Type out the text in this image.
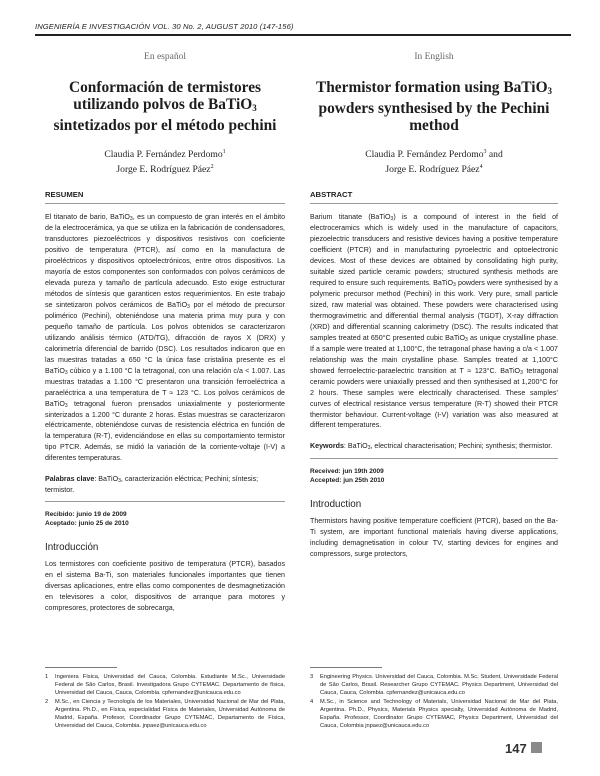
INGENIERÍA E INVESTIGACIÓN VOL. 30 No. 2, AUGUST 2010 (147-156)
En español
Conformación de termistores
utilizando polvos de BaTiO$_3$
sintetizados por el método pechini
Claudia P. Fernández Perdomo$^1$
Jorge E. Rodríguez Páez$^2$
RESUMEN

El titanato de bario, BaTiO$_3$, es un compuesto de gran interés en el ámbito de la electrocerámica, ya que se utiliza en la fabricación de condensadores, transductores piezoeléctricos y dispositivos resistivos con coeficiente positivo de temperatura (PTCR), así como en la manufactura de piroeléctricos y dispositivos optoelectrónicos, entre otros dispositivos. La mayoría de estos componentes son conformados con polvos cerámicos de elevada pureza y tamaño de partícula adecuado. Esto exige estructurar métodos de síntesis que garanticen estos requerimientos. En este trabajo se sintetizaron polvos cerámicos de BaTiO$_3$ por el método de precursor polimérico (Pechini), obteniéndose una materia prima muy pura y con pequeño tamaño de partícula. Los polvos obtenidos se caracterizaron utilizando análisis térmico (ATD/TG), difracción de rayos X (DRX) y calorimetría diferencial de barrido (DSC). Los resultados indicaron que en las muestras tratadas a 650 °C la única fase cristalina presente es el BaTiO$_3$ cúbico y a 1.100 °C la tetragonal, con una relación c/a < 1.007. Las muestras tratadas a 1.100 °C presentaron una transición ferroeléctrica a paraeléctrica a una temperatura de T ≈ 123 °C. Los polvos cerámicos de BaTiO$_3$ tetragonal fueron prensados uniaxialmente y posteriormente sinterizados a 1.200 °C durante 2 horas. Estas muestras se caracterizaron eléctricamente, obteniéndose curvas de resistencia eléctrica en función de la temperatura (R-T), evidenciándose en ellas su comportamiento termistor tipo PTCR. Además, se midió la variación de la corriente-voltaje (I-V) a diferentes temperaturas.

Palabras clave: BaTiO$_3$, caracterización eléctrica; Pechini; síntesis; termistor.
Recibido: junio 19 de 2009
Aceptado: junio 25 de 2010
Introducción

Los termistores con coeficiente positivo de temperatura (PTCR), basados en el sistema Ba-Ti, son materiales funcionales importantes que tienen diversas aplicaciones, entre ellas como componentes de desmagnetización en televisores a color, dispositivos de arranque para motores y compresores, protectores de sobrecarga,

In English
Thermistor formation using BaTiO$_3$
powders synthesised by the Pechini
method
Claudia P. Fernández Perdomo$^3$ and
Jorge E. Rodríguez Páez$^4$
ABSTRACT

Barium titanate (BaTiO$_3$) is a compound of interest in the field of electroceramics which is widely used in the manufacture of capacitors, piezoelectric transducers and resistive devices having a positive temperature coefficient (PTCR) and in manufacturing pyroelectric and optoelectronic devices. Most of these devices are obtained by consolidating high purity, suitable sized particle ceramic powders; structured synthesis methods are required to ensure such requirements. BaTiO$_3$ powders were synthesised by a polymeric precursor method (Pechini) in this work. Very pure, small particle sized, raw material was obtained. These powders were characterised using thermogravimetric and differential thermal analysis (TGDT), X-ray diffraction (XRD) and differential scanning calorimetry (DSC). The results indicated that samples treated at 650°C presented cubic BaTiO$_3$ as unique crystalline phase. If a sample were treated at 1,100°C, the tetragonal phase having a c/a < 1.007 relationship was the main crystalline phase. Samples treated at 1,100°C showed ferroelectric-paraelectric transition at T ≈ 123°C. BaTiO$_3$ tetragonal ceramic powders were uniaxially pressed and then synthesised at 1,200°C for 2 hours. These samples were electrically characterised. These samples’ curves of electrical resistance versus temperature (R-T) showed their PTCR thermistor behaviour. Current-voltage (I-V) variation was also measured at different temperatures.

Keywords: BaTiO$_3$, electrical characterisation; Pechini; synthesis; thermistor.
Received: jun 19th 2009
Accepted: jun 25th 2010
Introduction

Thermistors having positive temperature coefficient (PTCR), based on the Ba-Ti system, are important functional materials having diverse applications, including demagnetisation in colour TV, starting devices for engines and compressors, surge protectors,

1	Ingeniera Física, Universidad del Cauca, Colombia. Estudiante M.Sc., Universidade Federal de São Carlos, Brasil. Investigadora Grupo CYTEMAC. Departamento de física, Universidad del Cauca, Cauca, Colombia. cpfernandez@unicauca.edu.co
2	M.Sc., en Ciencia y Tecnología de los Materiales, Universidad Nacional de Mar del Plata, Argentina. Ph.D., en Física, especialidad Física de Materiales, Universidad Autónoma de Madrid, España. Profesor, Coordinador Grupo CYTEMAC, Departamento de Física, Universidad del Cauca, Colombia. jnpaez@unicauca.edu.co
3	Engineering Physics. Universidad del Cauca, Colombia. M.Sc. Student, Universidade Federal de São Carlos, Brasil. Researcher Grupo CYTEMAC. Physics Department, Universidad del Cauca, Cauca, Colombia. cpfernandez@unicauca.edu.co
4	M.Sc., in Science and Technology of Materials, Universidad Nacional de Mar del Plata, Argentina. Ph.D., Physics, Materials Physics specialty, Universidad Autónoma de Madrid, España. Professor, Coordinator Grupo CYTEMAC, Physics Department, Universidad del Cauca, Colombia jnpaez@unicauca.edu.co
147
